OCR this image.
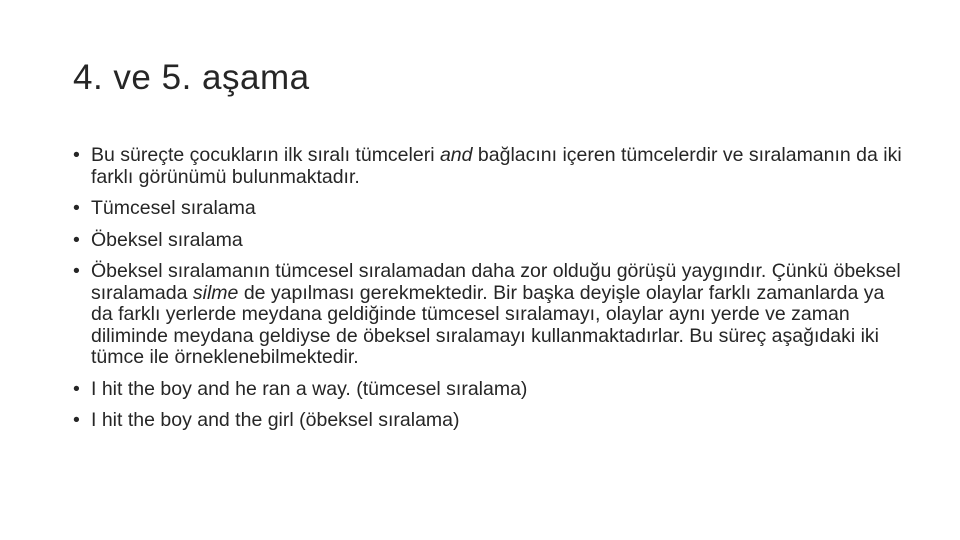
4. ve 5. aşama
• Bu süreçte çocukların ilk sıralı tümceleri and bağlacını içeren tümcelerdir ve sıralamanın da iki farklı görünümü bulunmaktadır.
• Tümcesel sıralama
• Öbeksel sıralama
• Öbeksel sıralamanın tümcesel sıralamadan daha zor olduğu görüşü yaygındır. Çünkü öbeksel sıralamada silme de yapılması gerekmektedir. Bir başka deyişle olaylar farklı zamanlarda ya da farklı yerlerde meydana geldiğinde tümcesel sıralamayı, olaylar aynı yerde ve zaman diliminde meydana geldiyse de öbeksel sıralamayı kullanmaktadırlar. Bu süreç aşağıdaki iki tümce ile örneklenebilmektedir.
• I hit the boy and he ran a way. (tümcesel sıralama)
• I hit the boy and the girl (öbeksel sıralama)
